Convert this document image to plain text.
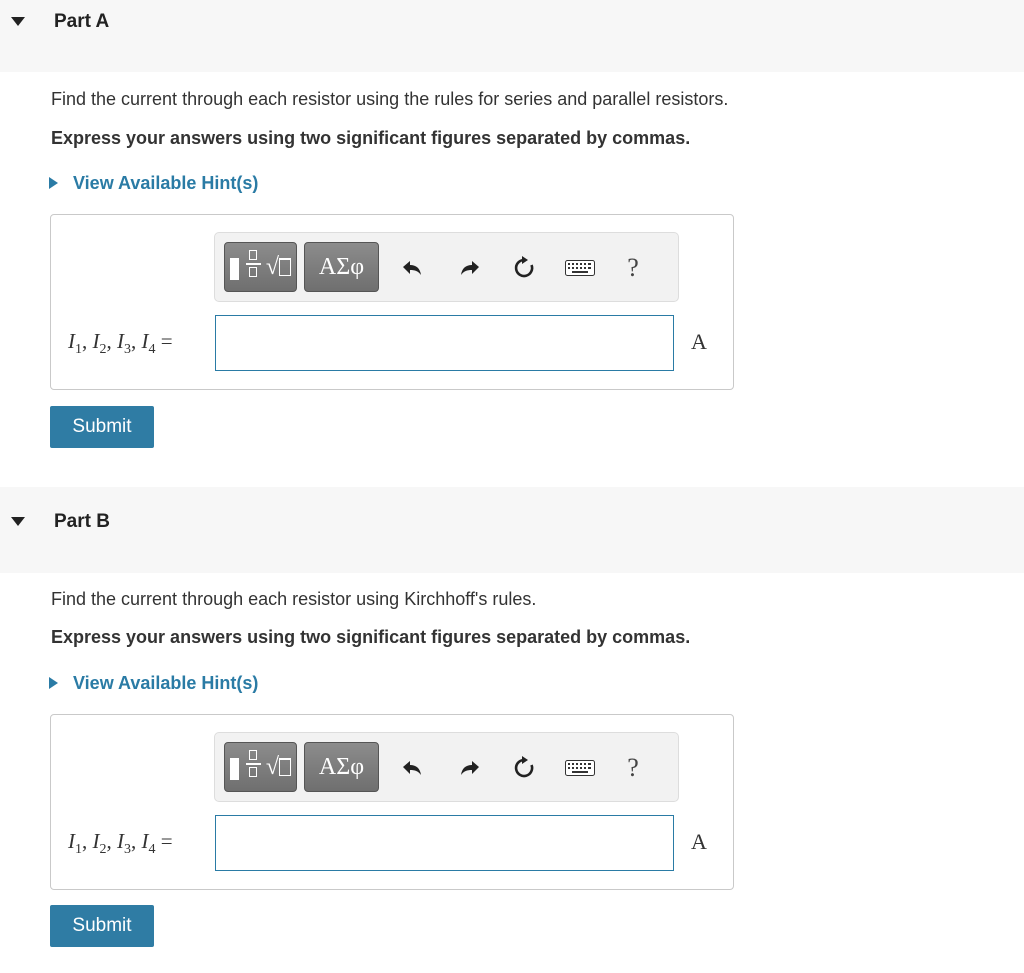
Part A
Find the current through each resistor using the rules for series and parallel resistors.
Express your answers using two significant figures separated by commas.
View Available Hint(s)
√	ΑΣφ	?
$I_1$, $I_2$, $I_3$, $I_4$ =	A
Submit
Part B
Find the current through each resistor using Kirchhoff's rules.
Express your answers using two significant figures separated by commas.
View Available Hint(s)
√	ΑΣφ	?
$I_1$, $I_2$, $I_3$, $I_4$ =	A
Submit
